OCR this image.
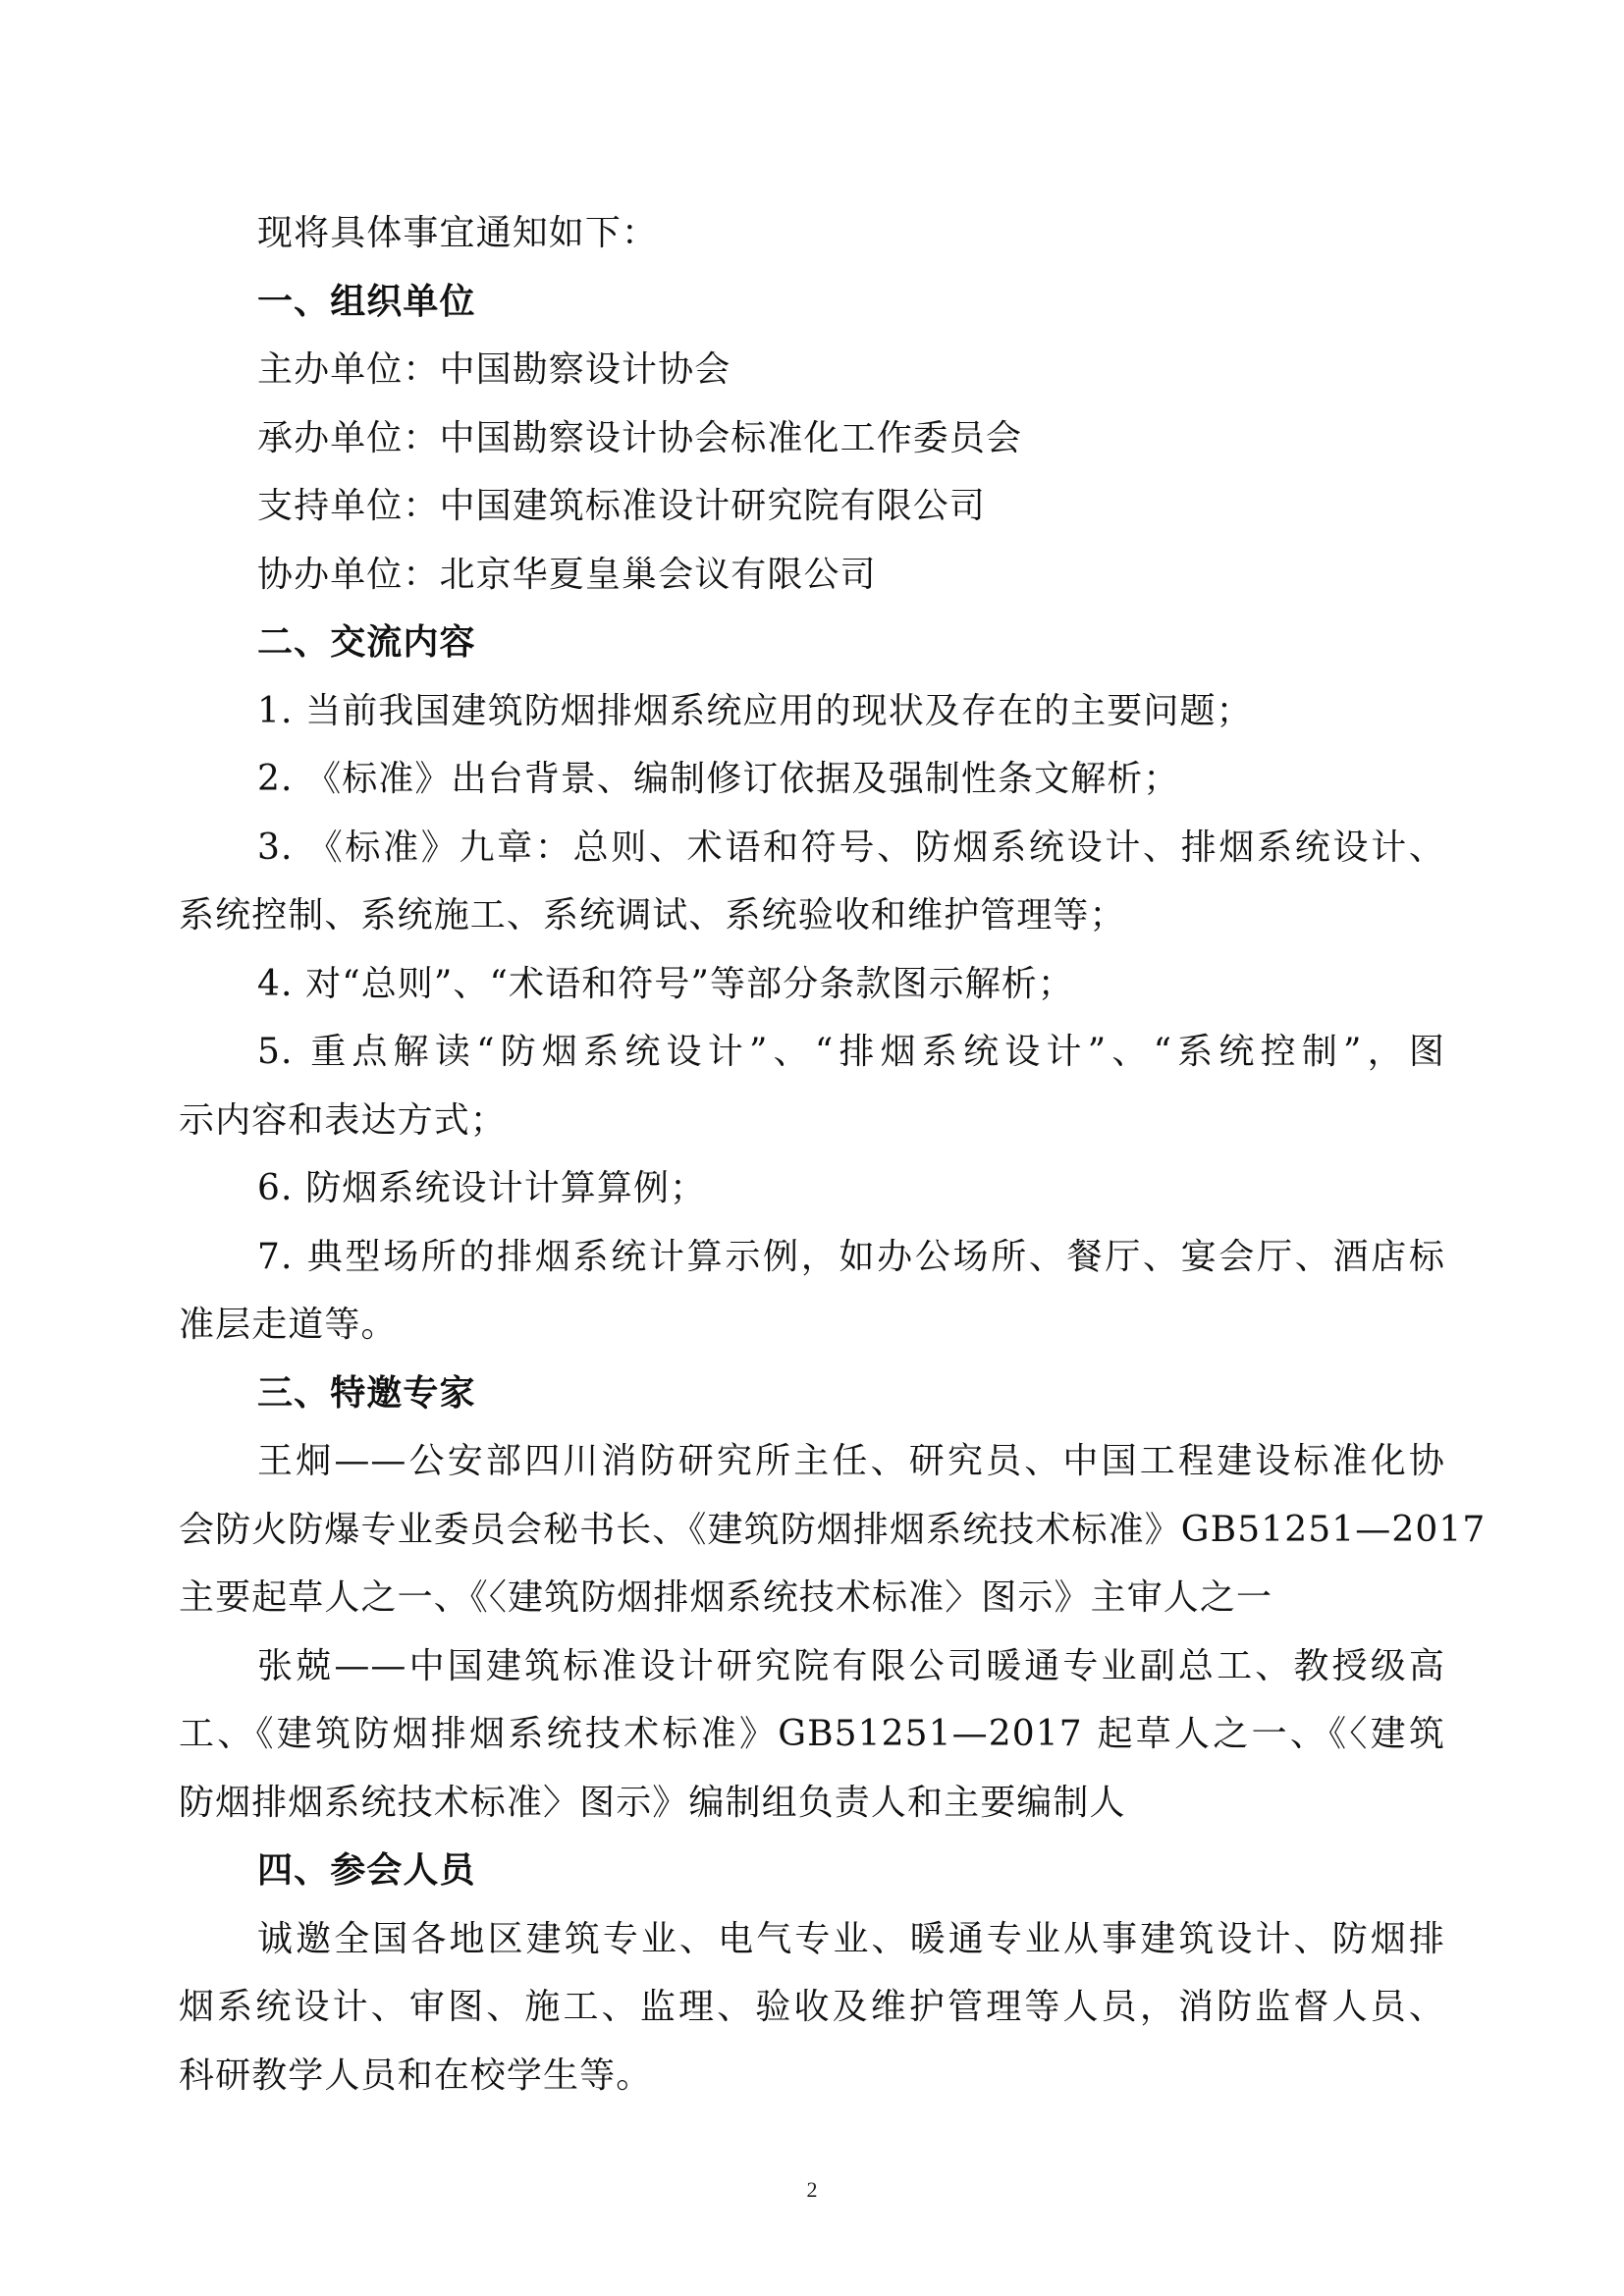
现将具体事宜通知如下：
一、组织单位
主办单位：中国勘察设计协会
承办单位：中国勘察设计协会标准化工作委员会
支持单位：中国建筑标准设计研究院有限公司
协办单位：北京华夏皇巢会议有限公司
二、交流内容
1. 当前我国建筑防烟排烟系统应用的现状及存在的主要问题；
2. 《标准》出台背景、编制修订依据及强制性条文解析；
3. 《标准》九章：总则、术语和符号、防烟系统设计、排烟系统设计、
系统控制、系统施工、系统调试、系统验收和维护管理等；
4. 对“总则”、“术语和符号”等部分条款图示解析；
5. 重点解读“防烟系统设计”、“排烟系统设计”、“系统控制”，图
示内容和表达方式；
6. 防烟系统设计计算算例；
7. 典型场所的排烟系统计算示例，如办公场所、餐厅、宴会厅、酒店标
准层走道等。
三、特邀专家
王炯——公安部四川消防研究所主任、研究员、中国工程建设标准化协
会防火防爆专业委员会秘书长、《建筑防烟排烟系统技术标准》GB51251—2017
主要起草人之一、《〈建筑防烟排烟系统技术标准〉图示》主审人之一
张兢——中国建筑标准设计研究院有限公司暖通专业副总工、教授级高
工、《建筑防烟排烟系统技术标准》GB51251—2017 起草人之一、《〈建筑
防烟排烟系统技术标准〉图示》编制组负责人和主要编制人
四、参会人员
诚邀全国各地区建筑专业、电气专业、暖通专业从事建筑设计、防烟排
烟系统设计、审图、施工、监理、验收及维护管理等人员，消防监督人员、
科研教学人员和在校学生等。
2
